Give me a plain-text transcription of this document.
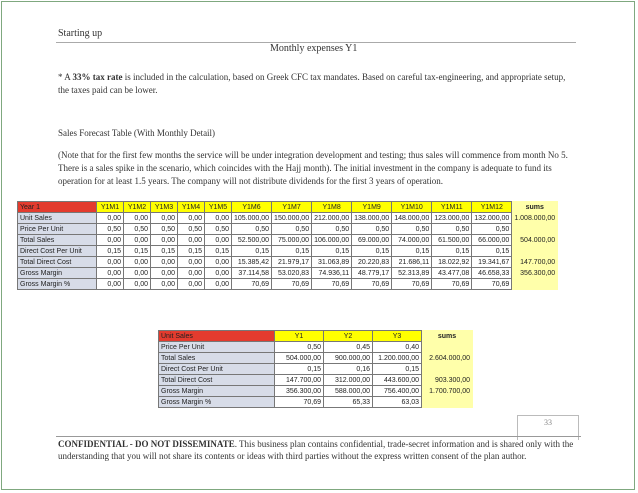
Starting up
Monthly expenses Y1
* A 33% tax rate is included in the calculation, based on Greek CFC tax mandates. Based on careful tax-engineering, and appropriate setup, the taxes paid can be lower.
Sales Forecast Table (With Monthly Detail)
(Note that for the first few months the service will be under integration development and testing; thus sales will commence from month No 5. There is a sales spike in the scenario, which coincides with the Hajj month). The initial investment in the company is adequate to fund its operation for at least 1.5 years. The company will not distribute dividends for the first 3 years of operation.
Year 1	Y1M1	Y1M2	Y1M3	Y1M4	Y1M5	Y1M6	Y1M7	Y1M8	Y1M9	Y1M10	Y1M11	Y1M12	sums
Unit Sales	0,00	0,00	0,00	0,00	0,00	105.000,00	150.000,00	212.000,00	138.000,00	148.000,00	123.000,00	132.000,00	1.008.000,00
Price Per Unit	0,50	0,50	0,50	0,50	0,50	0,50	0,50	0,50	0,50	0,50	0,50	0,50	
Total Sales	0,00	0,00	0,00	0,00	0,00	52.500,00	75.000,00	106.000,00	69.000,00	74.000,00	61.500,00	66.000,00	504.000,00
Direct Cost Per Unit	0,15	0,15	0,15	0,15	0,15	0,15	0,15	0,15	0,15	0,15	0,15	0,15	
Total Direct Cost	0,00	0,00	0,00	0,00	0,00	15.385,42	21.979,17	31.063,89	20.220,83	21.686,11	18.022,92	19.341,67	147.700,00
Gross Margin	0,00	0,00	0,00	0,00	0,00	37.114,58	53.020,83	74.936,11	48.779,17	52.313,89	43.477,08	46.658,33	356.300,00
Gross Margin %	0,00	0,00	0,00	0,00	0,00	70,69	70,69	70,69	70,69	70,69	70,69	70,69	
Unit Sales	Y1	Y2	Y3	sums
Price Per Unit	0,50	0,45	0,40	
Total Sales	504.000,00	900.000,00	1.200.000,00	2.604.000,00
Direct Cost Per Unit	0,15	0,16	0,15	
Total Direct Cost	147.700,00	312.000,00	443.600,00	903.300,00
Gross Margin	356.300,00	588.000,00	756.400,00	1.700.700,00
Gross Margin %	70,69	65,33	63,03	
33
CONFIDENTIAL - DO NOT DISSEMINATE. This business plan contains confidential, trade-secret information and is shared only with the understanding that you will not share its contents or ideas with third parties without the express written consent of the plan author.
